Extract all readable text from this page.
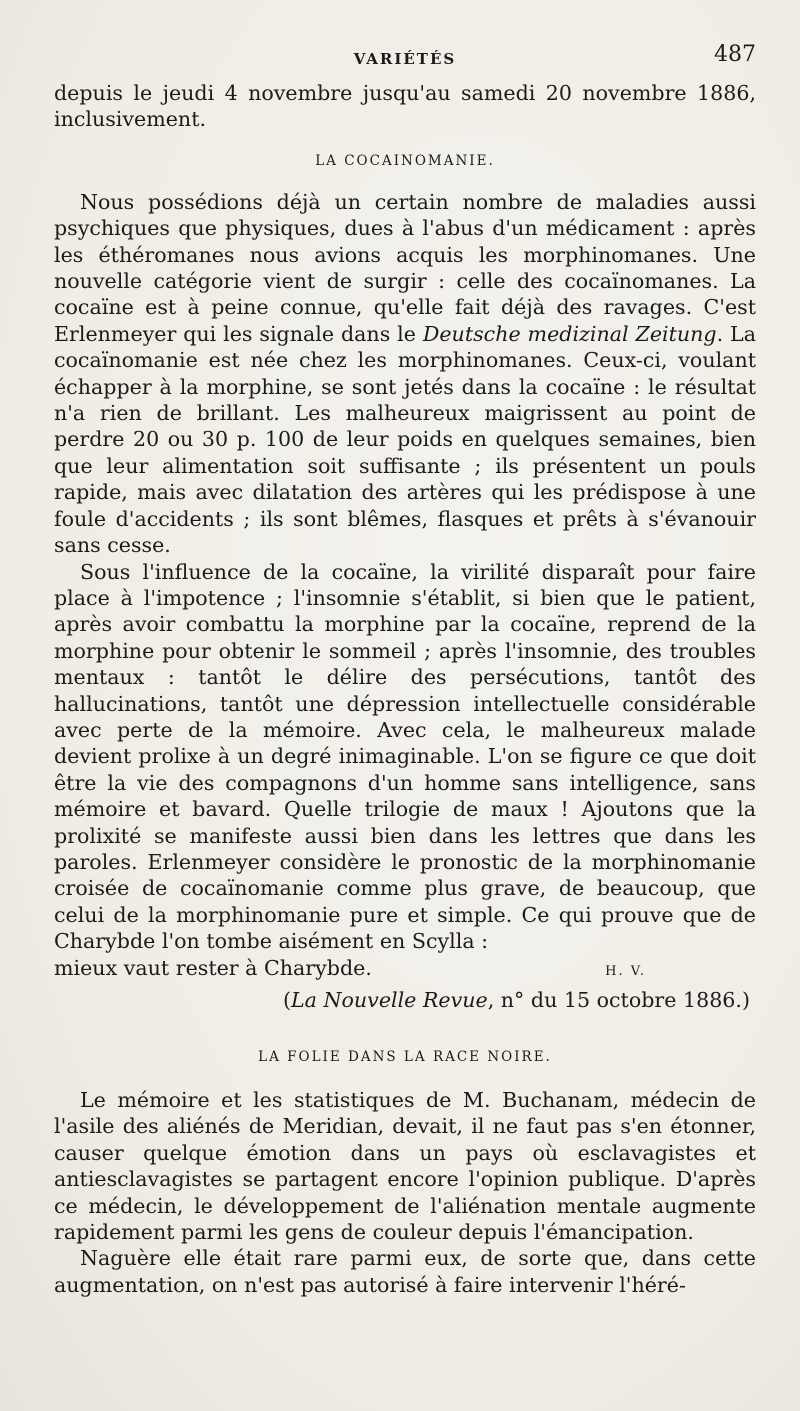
VARIÉTÉS	487

depuis le jeudi 4 novembre jusqu'au samedi 20 novembre 1886, inclusivement.

LA COCAINOMANIE.

Nous possédions déjà un certain nombre de maladies aussi psychiques que physiques, dues à l'abus d'un médicament : après les éthéromanes nous avions acquis les morphinomanes. Une nouvelle catégorie vient de surgir : celle des cocaïnomanes. La cocaïne est à peine connue, qu'elle fait déjà des ravages. C'est Erlenmeyer qui les signale dans le Deutsche medizinal Zeitung. La cocaïnomanie est née chez les morphinomanes. Ceux-ci, voulant échapper à la morphine, se sont jetés dans la cocaïne : le résultat n'a rien de brillant. Les malheureux maigrissent au point de perdre 20 ou 30 p. 100 de leur poids en quelques semaines, bien que leur alimentation soit suffisante ; ils présentent un pouls rapide, mais avec dilatation des artères qui les prédispose à une foule d'accidents ; ils sont blêmes, flasques et prêts à s'évanouir sans cesse.

Sous l'influence de la cocaïne, la virilité disparaît pour faire place à l'impotence ; l'insomnie s'établit, si bien que le patient, après avoir combattu la morphine par la cocaïne, reprend de la morphine pour obtenir le sommeil ; après l'insomnie, des troubles mentaux : tantôt le délire des persécutions, tantôt des hallucinations, tantôt une dépression intellectuelle considérable avec perte de la mémoire. Avec cela, le malheureux malade devient prolixe à un degré inimaginable. L'on se figure ce que doit être la vie des compagnons d'un homme sans intelligence, sans mémoire et bavard. Quelle trilogie de maux ! Ajoutons que la prolixité se manifeste aussi bien dans les lettres que dans les paroles. Erlenmeyer considère le pronostic de la morphinomanie croisée de cocaïnomanie comme plus grave, de beaucoup, que celui de la morphinomanie pure et simple. Ce qui prouve que de Charybde l'on tombe aisément en Scylla :

mieux vaut rester à Charybde.	H. V.
(La Nouvelle Revue, n° du 15 octobre 1886.)
LA FOLIE DANS LA RACE NOIRE.

Le mémoire et les statistiques de M. Buchanam, médecin de l'asile des aliénés de Meridian, devait, il ne faut pas s'en étonner, causer quelque émotion dans un pays où esclavagistes et antiesclavagistes se partagent encore l'opinion publique. D'après ce médecin, le développement de l'aliénation mentale augmente rapidement parmi les gens de couleur depuis l'émancipation.

Naguère elle était rare parmi eux, de sorte que, dans cette augmentation, on n'est pas autorisé à faire intervenir l'héré-
